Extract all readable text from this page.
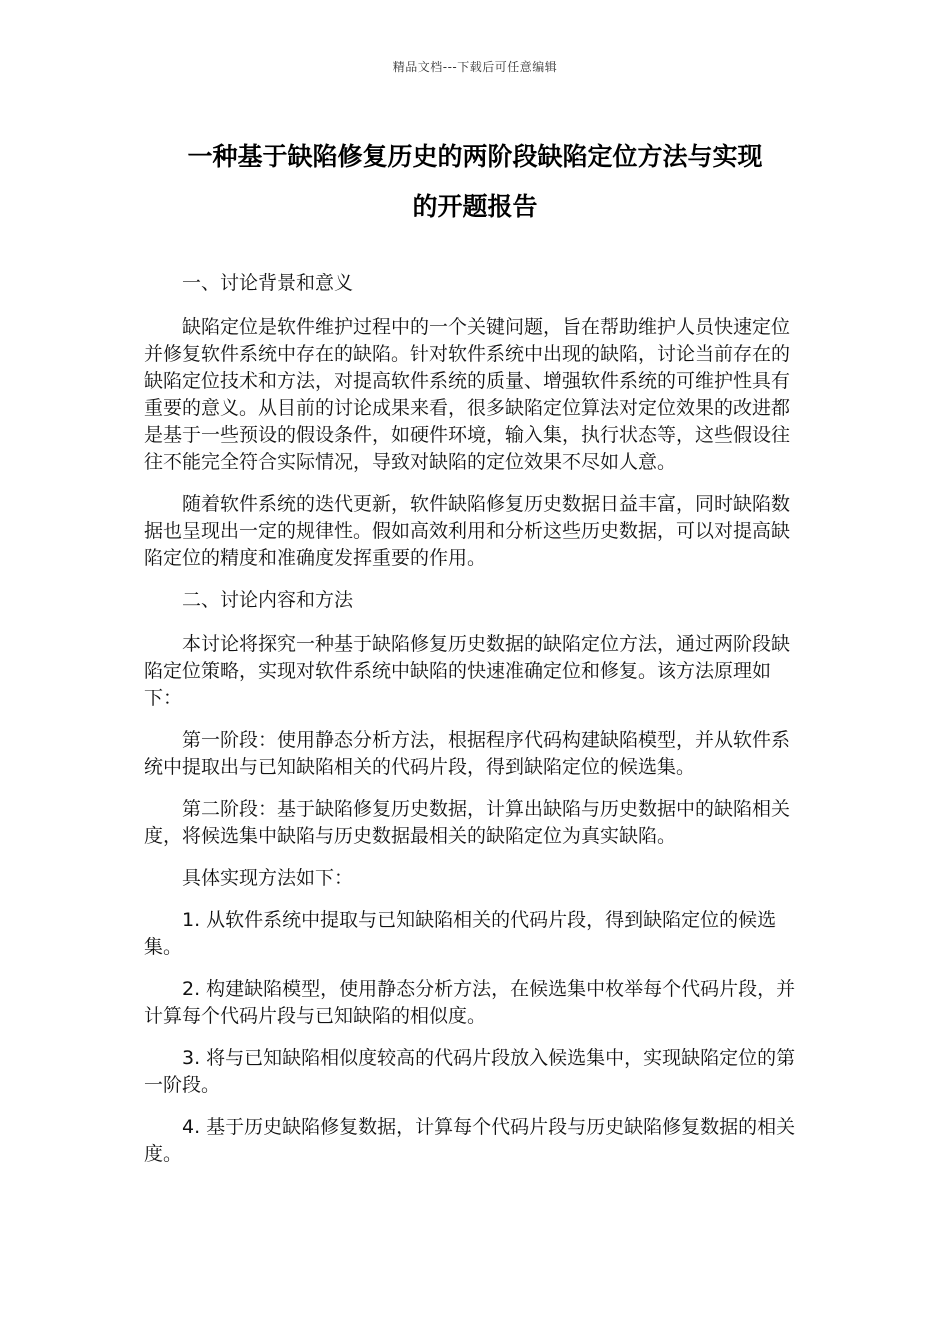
精品文档---下载后可任意编辑
一种基于缺陷修复历史的两阶段缺陷定位方法与实现
的开题报告

一、讨论背景和意义

缺陷定位是软件维护过程中的一个关键问题，旨在帮助维护人员快速定位并修复软件系统中存在的缺陷。针对软件系统中出现的缺陷，讨论当前存在的缺陷定位技术和方法，对提高软件系统的质量、增强软件系统的可维护性具有重要的意义。从目前的讨论成果来看，很多缺陷定位算法对定位效果的改进都是基于一些预设的假设条件，如硬件环境，输入集，执行状态等，这些假设往往不能完全符合实际情况，导致对缺陷的定位效果不尽如人意。

随着软件系统的迭代更新，软件缺陷修复历史数据日益丰富，同时缺陷数据也呈现出一定的规律性。假如高效利用和分析这些历史数据，可以对提高缺陷定位的精度和准确度发挥重要的作用。

二、讨论内容和方法

本讨论将探究一种基于缺陷修复历史数据的缺陷定位方法，通过两阶段缺陷定位策略，实现对软件系统中缺陷的快速准确定位和修复。该方法原理如下：

第一阶段：使用静态分析方法，根据程序代码构建缺陷模型，并从软件系统中提取出与已知缺陷相关的代码片段，得到缺陷定位的候选集。

第二阶段：基于缺陷修复历史数据，计算出缺陷与历史数据中的缺陷相关度，将候选集中缺陷与历史数据最相关的缺陷定位为真实缺陷。

具体实现方法如下：

1. 从软件系统中提取与已知缺陷相关的代码片段，得到缺陷定位的候选集。

2. 构建缺陷模型，使用静态分析方法，在候选集中枚举每个代码片段，并计算每个代码片段与已知缺陷的相似度。

3. 将与已知缺陷相似度较高的代码片段放入候选集中，实现缺陷定位的第一阶段。

4. 基于历史缺陷修复数据，计算每个代码片段与历史缺陷修复数据的相关度。
